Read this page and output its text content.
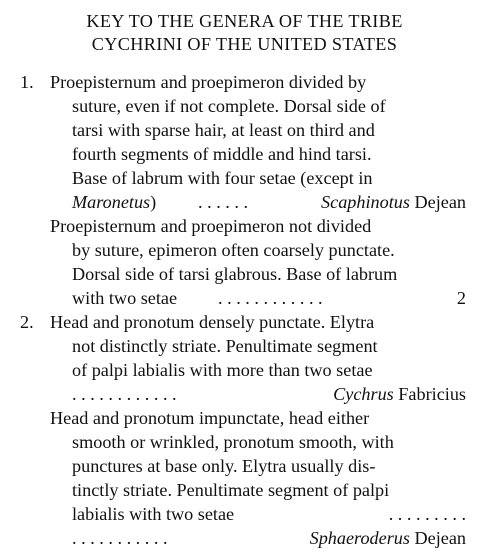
KEY TO THE GENERA OF THE TRIBE
CYCHRINI OF THE UNITED STATES
1. Proepisternum and proepimeron divided by
suture, even if not complete. Dorsal side of
tarsi with sparse hair, at least on third and
fourth segments of middle and hind tarsi.
Base of labrum with four setae (except in
Maronetus) . . . . . .	Scaphinotus Dejean
Proepisternum and proepimeron not divided
by suture, epimeron often coarsely punctate.
Dorsal side of tarsi glabrous. Base of labrum
with two setae . . . . . . . . . . . .	2
2. Head and pronotum densely punctate. Elytra
not distinctly striate. Penultimate segment
of palpi labialis with more than two setae
. . . . . . . . . . . .	Cychrus Fabricius
Head and pronotum impunctate, head either
smooth or wrinkled, pronotum smooth, with
punctures at base only. Elytra usually dis-
tinctly striate. Penultimate segment of palpi
labialis with two setae	. . . . . . . . .
. . . . . . . . . . .	Sphaeroderus Dejean
